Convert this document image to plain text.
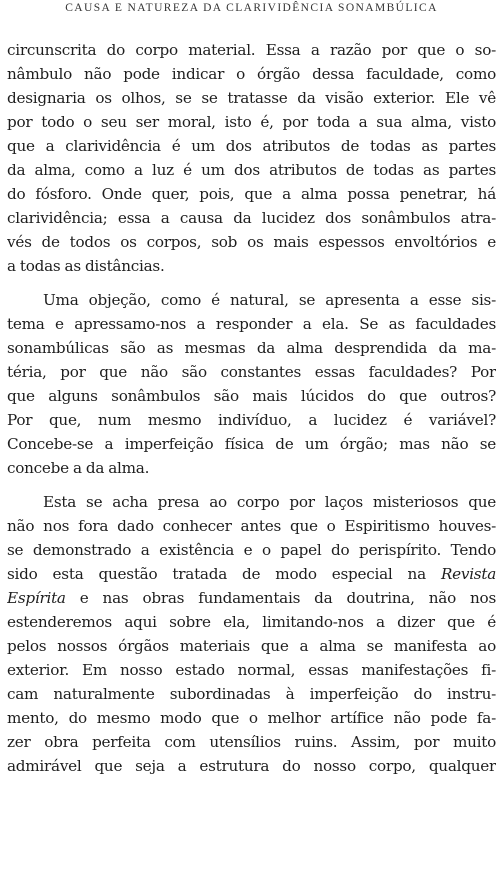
CAUSA E NATUREZA DA CLARIVIDÊNCIA SONAMBÚLICA

circunscrita do corpo material. Essa a razão por que o so-
nâmbulo não pode indicar o órgão dessa faculdade, como
designaria os olhos, se se tratasse da visão exterior. Ele vê
por todo o seu ser moral, isto é, por toda a sua alma, visto
que a clarividência é um dos atributos de todas as partes
da alma, como a luz é um dos atributos de todas as partes
do fósforo. Onde quer, pois, que a alma possa penetrar, há
clarividência; essa a causa da lucidez dos sonâmbulos atra-
vés de todos os corpos, sob os mais espessos envoltórios e
a todas as distâncias.

Uma objeção, como é natural, se apresenta a esse sis-
tema e apressamo-nos a responder a ela. Se as faculdades
sonambúlicas são as mesmas da alma desprendida da ma-
téria, por que não são constantes essas faculdades? Por
que alguns sonâmbulos são mais lúcidos do que outros?
Por que, num mesmo indivíduo, a lucidez é variável?
Concebe-se a imperfeição física de um órgão; mas não se
concebe a da alma.

Esta se acha presa ao corpo por laços misteriosos que
não nos fora dado conhecer antes que o Espiritismo houves-
se demonstrado a existência e o papel do perispírito. Tendo
sido esta questão tratada de modo especial na Revista
Espírita e nas obras fundamentais da doutrina, não nos
estenderemos aqui sobre ela, limitando-nos a dizer que é
pelos nossos órgãos materiais que a alma se manifesta ao
exterior. Em nosso estado normal, essas manifestações fi-
cam naturalmente subordinadas à imperfeição do instru-
mento, do mesmo modo que o melhor artífice não pode fa-
zer obra perfeita com utensílios ruins. Assim, por muito
admirável que seja a estrutura do nosso corpo, qualquer
